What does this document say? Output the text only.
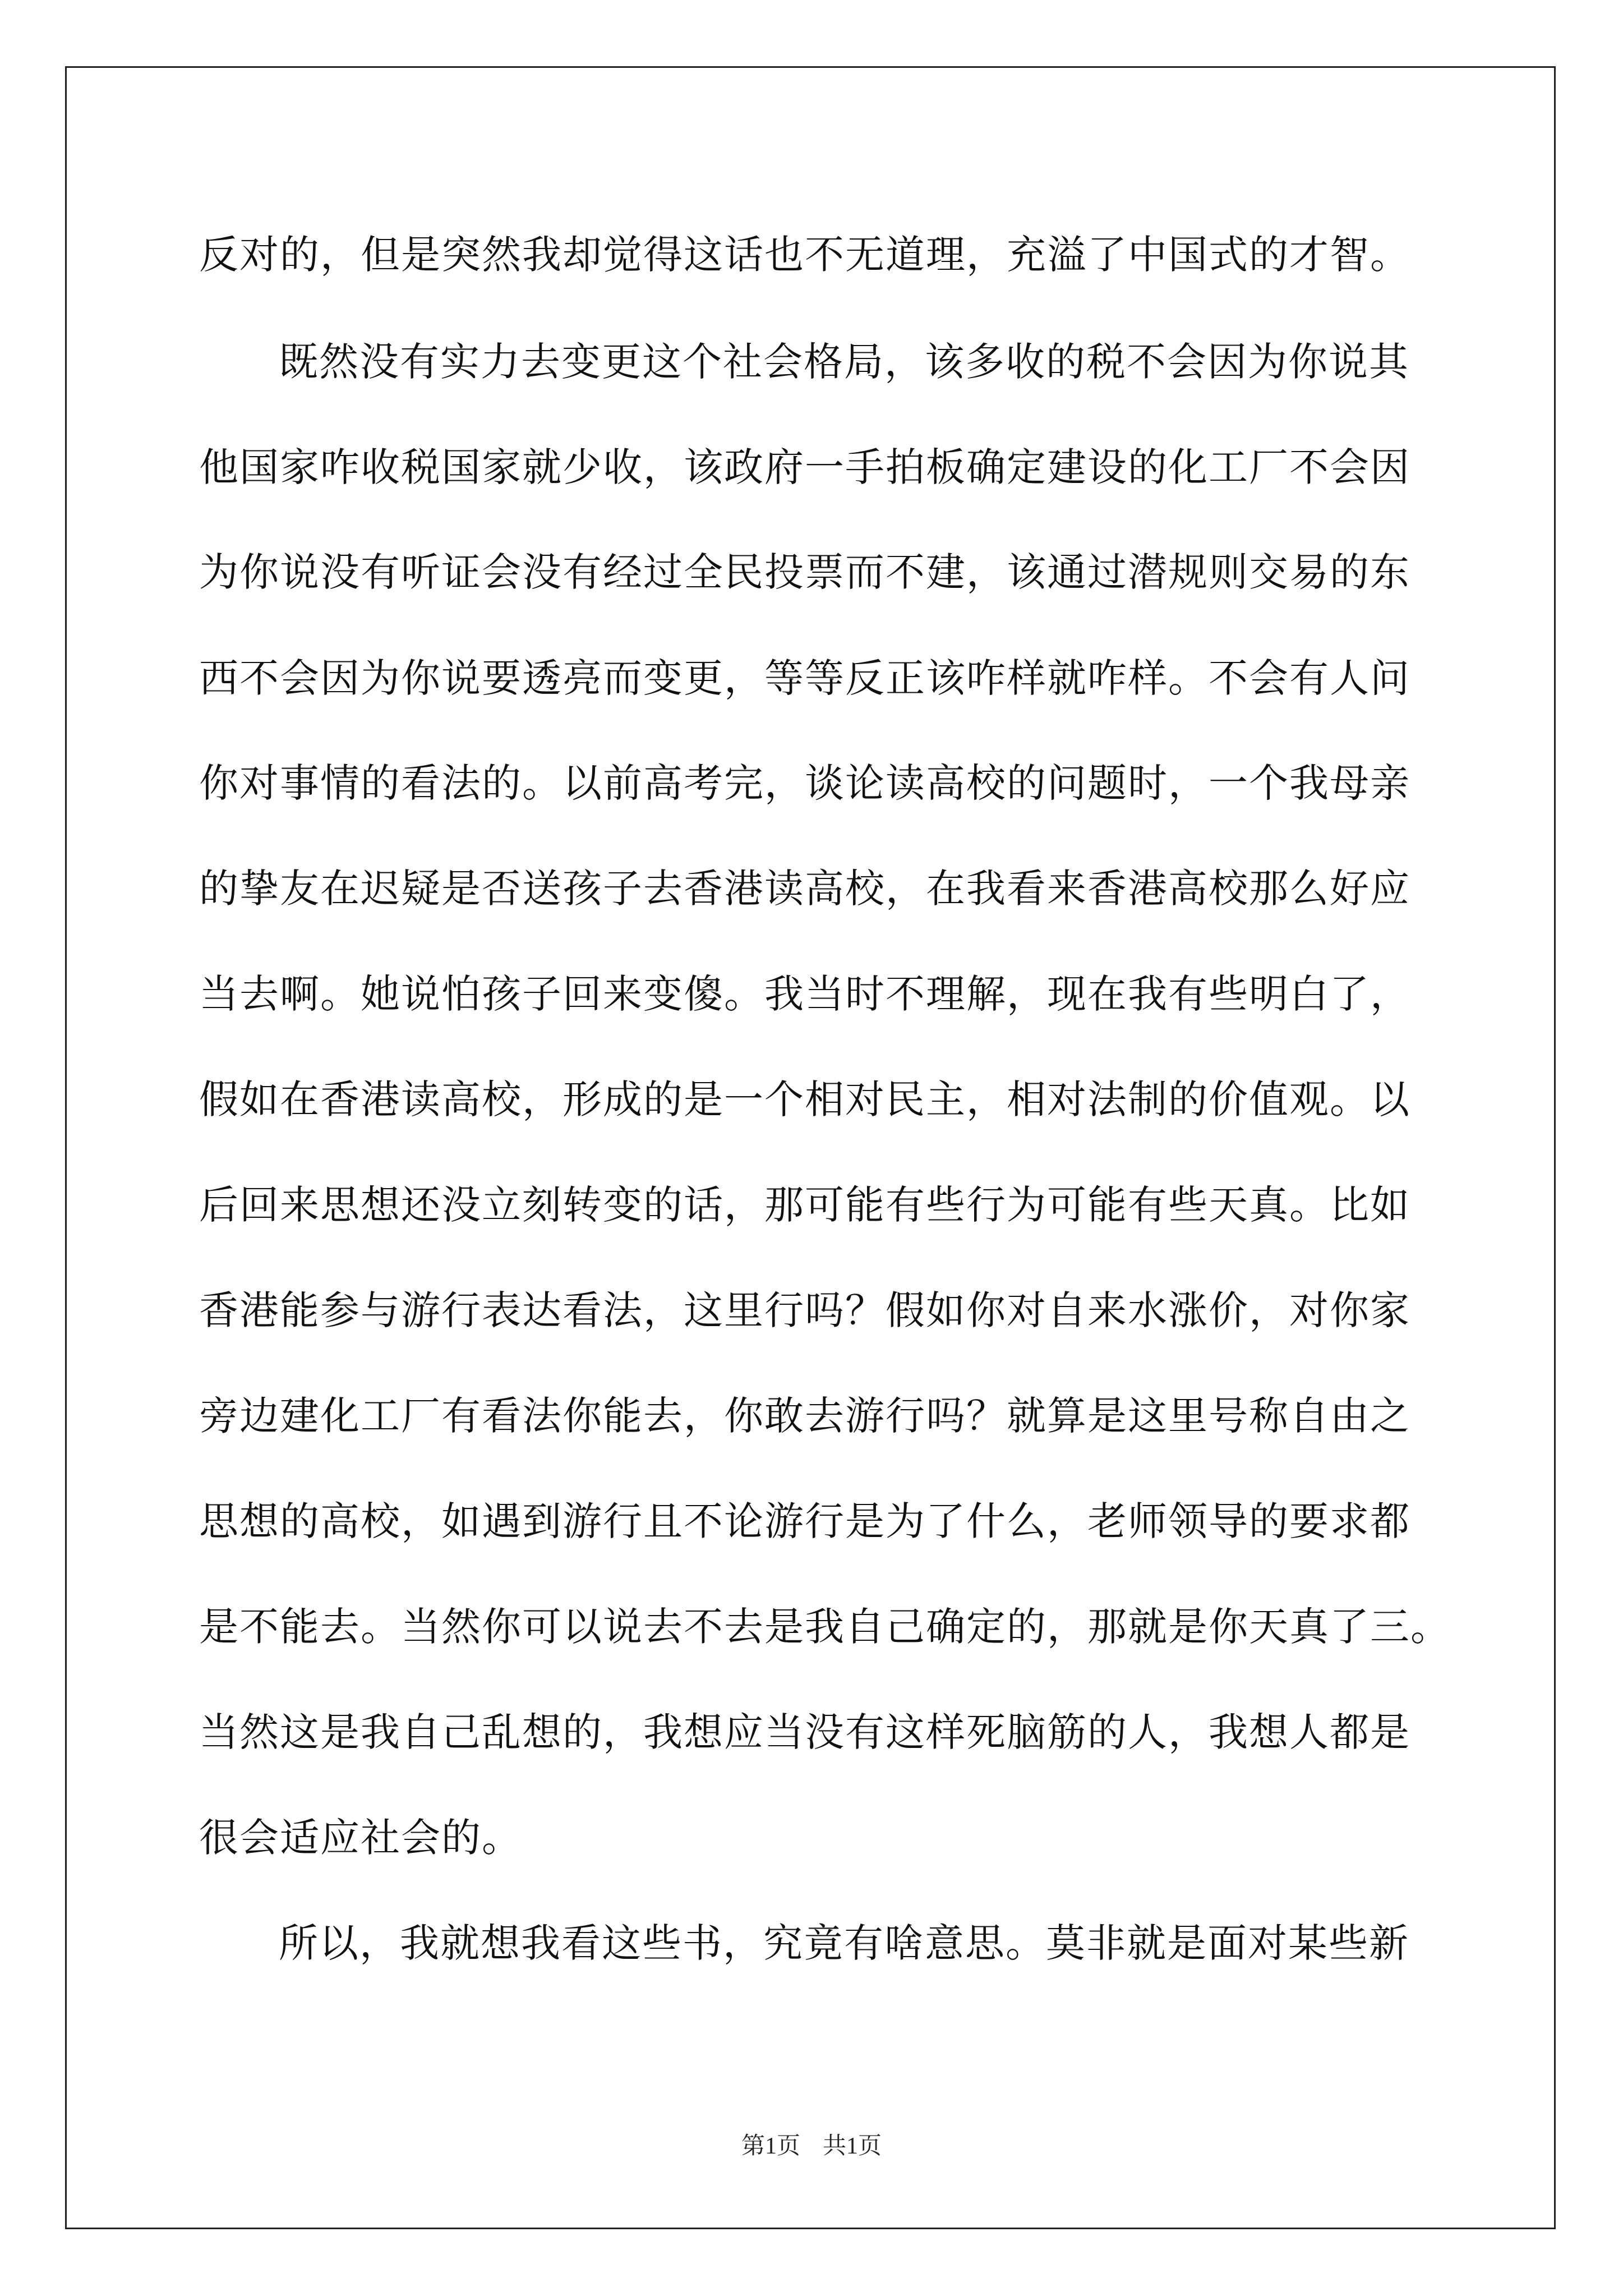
反对的，但是突然我却觉得这话也不无道理，充溢了中国式的才智。
既然没有实力去变更这个社会格局，该多收的税不会因为你说其
他国家咋收税国家就少收，该政府一手拍板确定建设的化工厂不会因
为你说没有听证会没有经过全民投票而不建，该通过潜规则交易的东
西不会因为你说要透亮而变更，等等反正该咋样就咋样。不会有人问
你对事情的看法的。以前高考完，谈论读高校的问题时，一个我母亲
的挚友在迟疑是否送孩子去香港读高校，在我看来香港高校那么好应
当去啊。她说怕孩子回来变傻。我当时不理解，现在我有些明白了，
假如在香港读高校，形成的是一个相对民主，相对法制的价值观。以
后回来思想还没立刻转变的话，那可能有些行为可能有些天真。比如
香港能参与游行表达看法，这里行吗？假如你对自来水涨价，对你家
旁边建化工厂有看法你能去，你敢去游行吗？就算是这里号称自由之
思想的高校，如遇到游行且不论游行是为了什么，老师领导的要求都
是不能去。当然你可以说去不去是我自己确定的，那就是你天真了三。
当然这是我自己乱想的，我想应当没有这样死脑筋的人，我想人都是
很会适应社会的。
所以，我就想我看这些书，究竟有啥意思。莫非就是面对某些新
第1页 共1页
